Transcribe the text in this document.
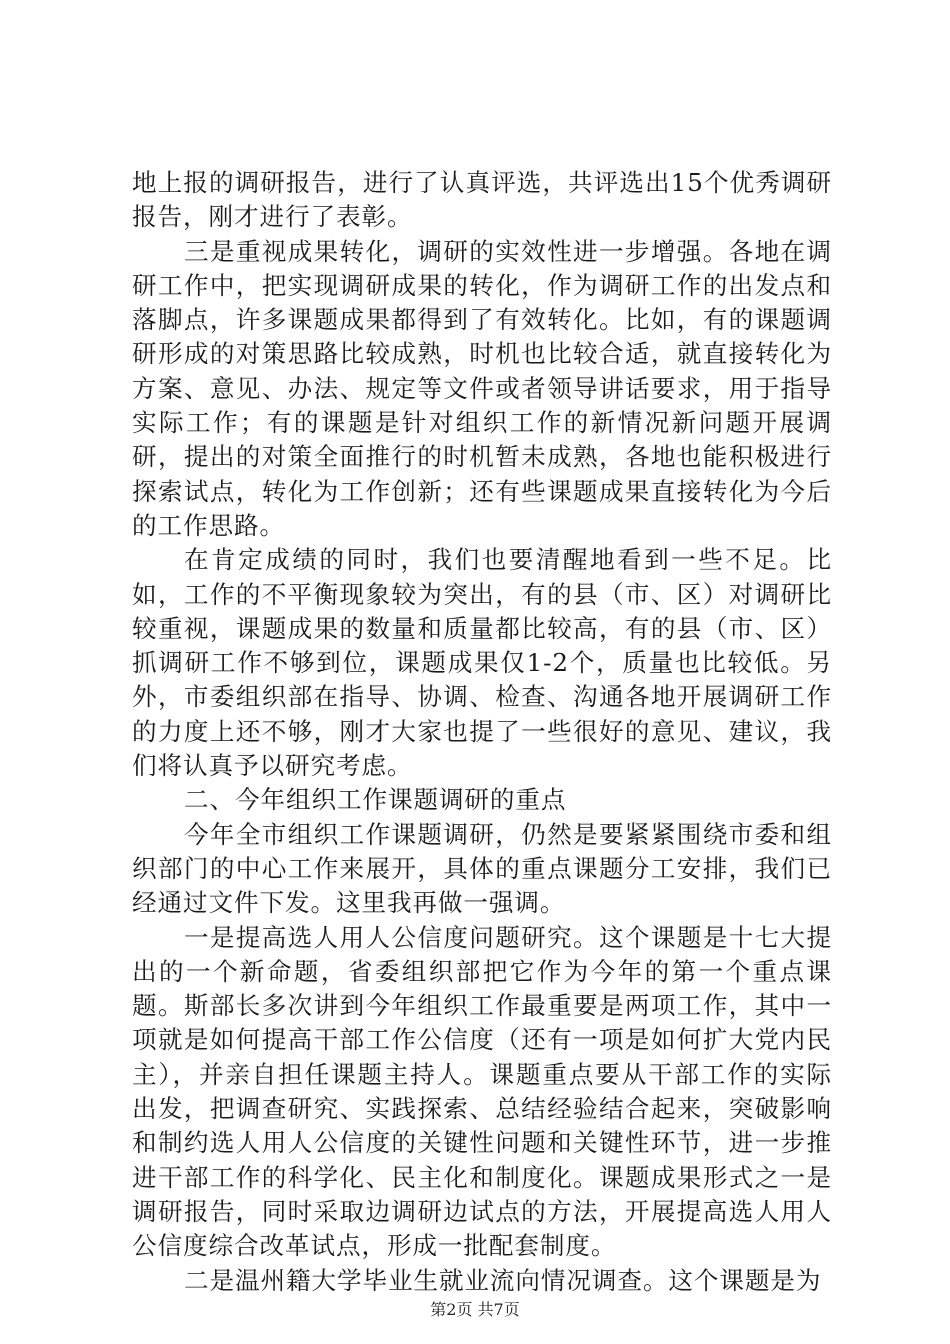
地上报的调研报告，进行了认真评选，共评选出15个优秀调研报告，刚才进行了表彰。

三是重视成果转化，调研的实效性进一步增强。各地在调研工作中，把实现调研成果的转化，作为调研工作的出发点和落脚点，许多课题成果都得到了有效转化。比如，有的课题调研形成的对策思路比较成熟，时机也比较合适，就直接转化为方案、意见、办法、规定等文件或者领导讲话要求，用于指导实际工作；有的课题是针对组织工作的新情况新问题开展调研，提出的对策全面推行的时机暂未成熟，各地也能积极进行探索试点，转化为工作创新；还有些课题成果直接转化为今后的工作思路。

在肯定成绩的同时，我们也要清醒地看到一些不足。比如，工作的不平衡现象较为突出，有的县（市、区）对调研比较重视，课题成果的数量和质量都比较高，有的县（市、区）抓调研工作不够到位，课题成果仅1-2个，质量也比较低。另外，市委组织部在指导、协调、检查、沟通各地开展调研工作的力度上还不够，刚才大家也提了一些很好的意见、建议，我们将认真予以研究考虑。

二、今年组织工作课题调研的重点

今年全市组织工作课题调研，仍然是要紧紧围绕市委和组织部门的中心工作来展开，具体的重点课题分工安排，我们已经通过文件下发。这里我再做一强调。

一是提高选人用人公信度问题研究。这个课题是十七大提出的一个新命题，省委组织部把它作为今年的第一个重点课题。斯部长多次讲到今年组织工作最重要是两项工作，其中一项就是如何提高干部工作公信度（还有一项是如何扩大党内民主），并亲自担任课题主持人。课题重点要从干部工作的实际出发，把调查研究、实践探索、总结经验结合起来，突破影响和制约选人用人公信度的关键性问题和关键性环节，进一步推进干部工作的科学化、民主化和制度化。课题成果形式之一是调研报告，同时采取边调研边试点的方法，开展提高选人用人公信度综合改革试点，形成一批配套制度。

二是温州籍大学毕业生就业流向情况调查。这个课题是为

第2页 共7页
